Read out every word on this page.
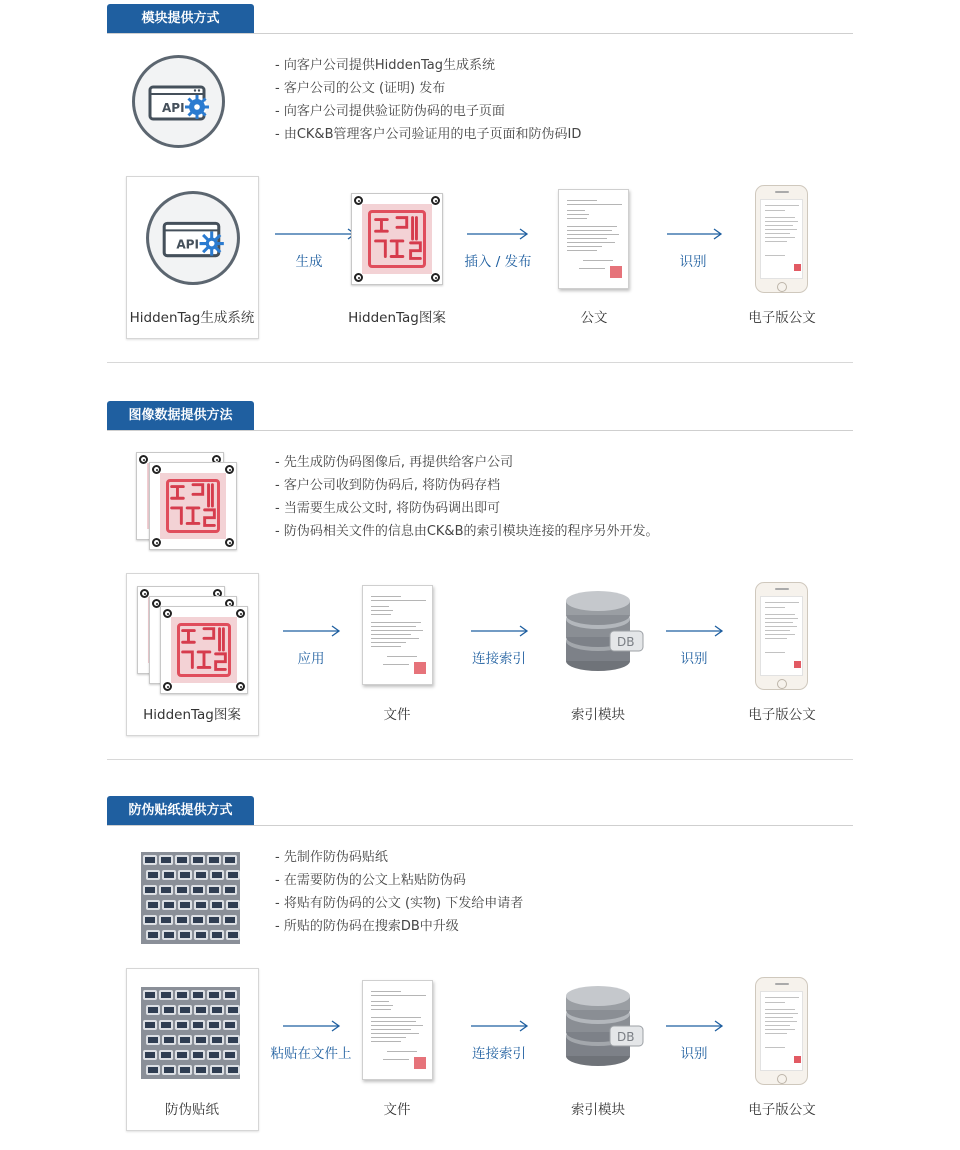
模块提供方式
API
- 向客户公司提供HiddenTag生成系统
- 客户公司的公文 (证明) 发布
- 向客户公司提供验证防伪码的电子页面
- 由CK&B管理客户公司验证用的电子页面和防伪码ID
API
HiddenTag生成系统
生成
HiddenTag图案
插入 / 发布
公文
识别
电子版公文
图像数据提供方法
- 先生成防伪码图像后, 再提供给客户公司
- 客户公司收到防伪码后, 将防伪码存档
- 当需要生成公文时, 将防伪码调出即可
- 防伪码相关文件的信息由CK&B的索引模块连接的程序另外开发。
HiddenTag图案
应用
文件
连接索引
DB
索引模块
识别
电子版公文
防伪贴纸提供方式
- 先制作防伪码贴纸
- 在需要防伪的公文上粘贴防伪码
- 将贴有防伪码的公文 (实物) 下发给申请者
- 所贴的防伪码在搜索DB中升级
防伪贴纸
粘贴在文件上
文件
连接索引
DB
索引模块
识别
电子版公文
